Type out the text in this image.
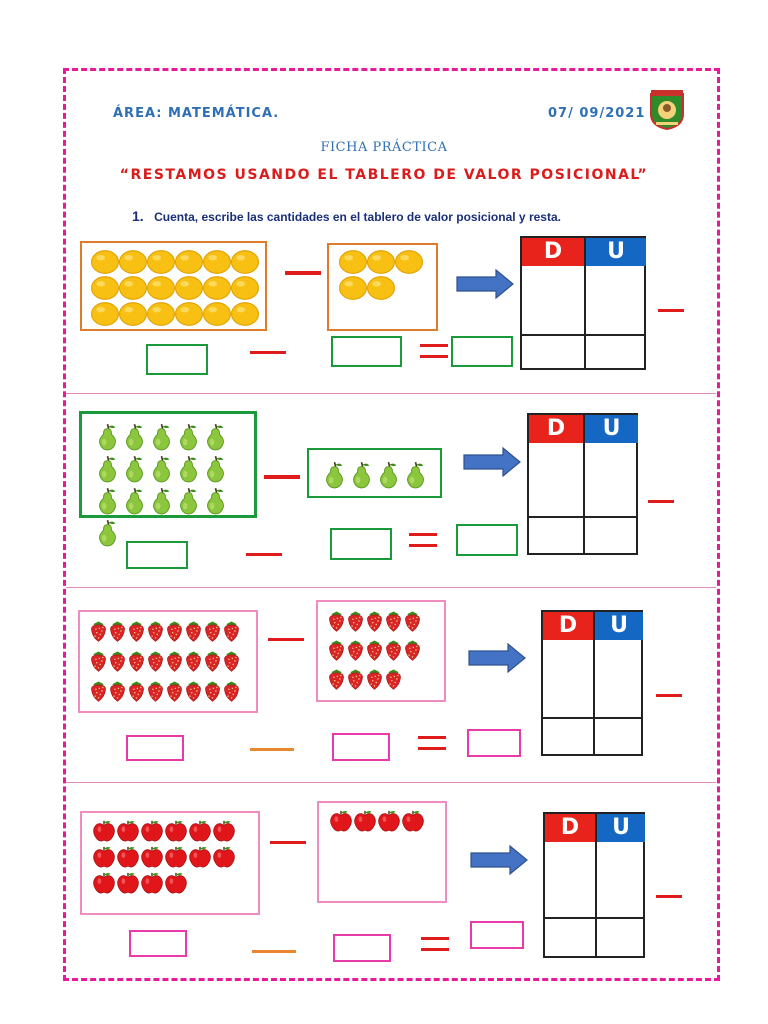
ÁREA: MATEMÁTICA.	07/ 09/2021
FICHA PRÁCTICA
“RESTAMOS USANDO EL TABLERO DE VALOR POSICIONAL”
1. Cuenta, escribe las cantidades en el tablero de valor posicional y resta.
D	U
D	U
D	U
D	U
